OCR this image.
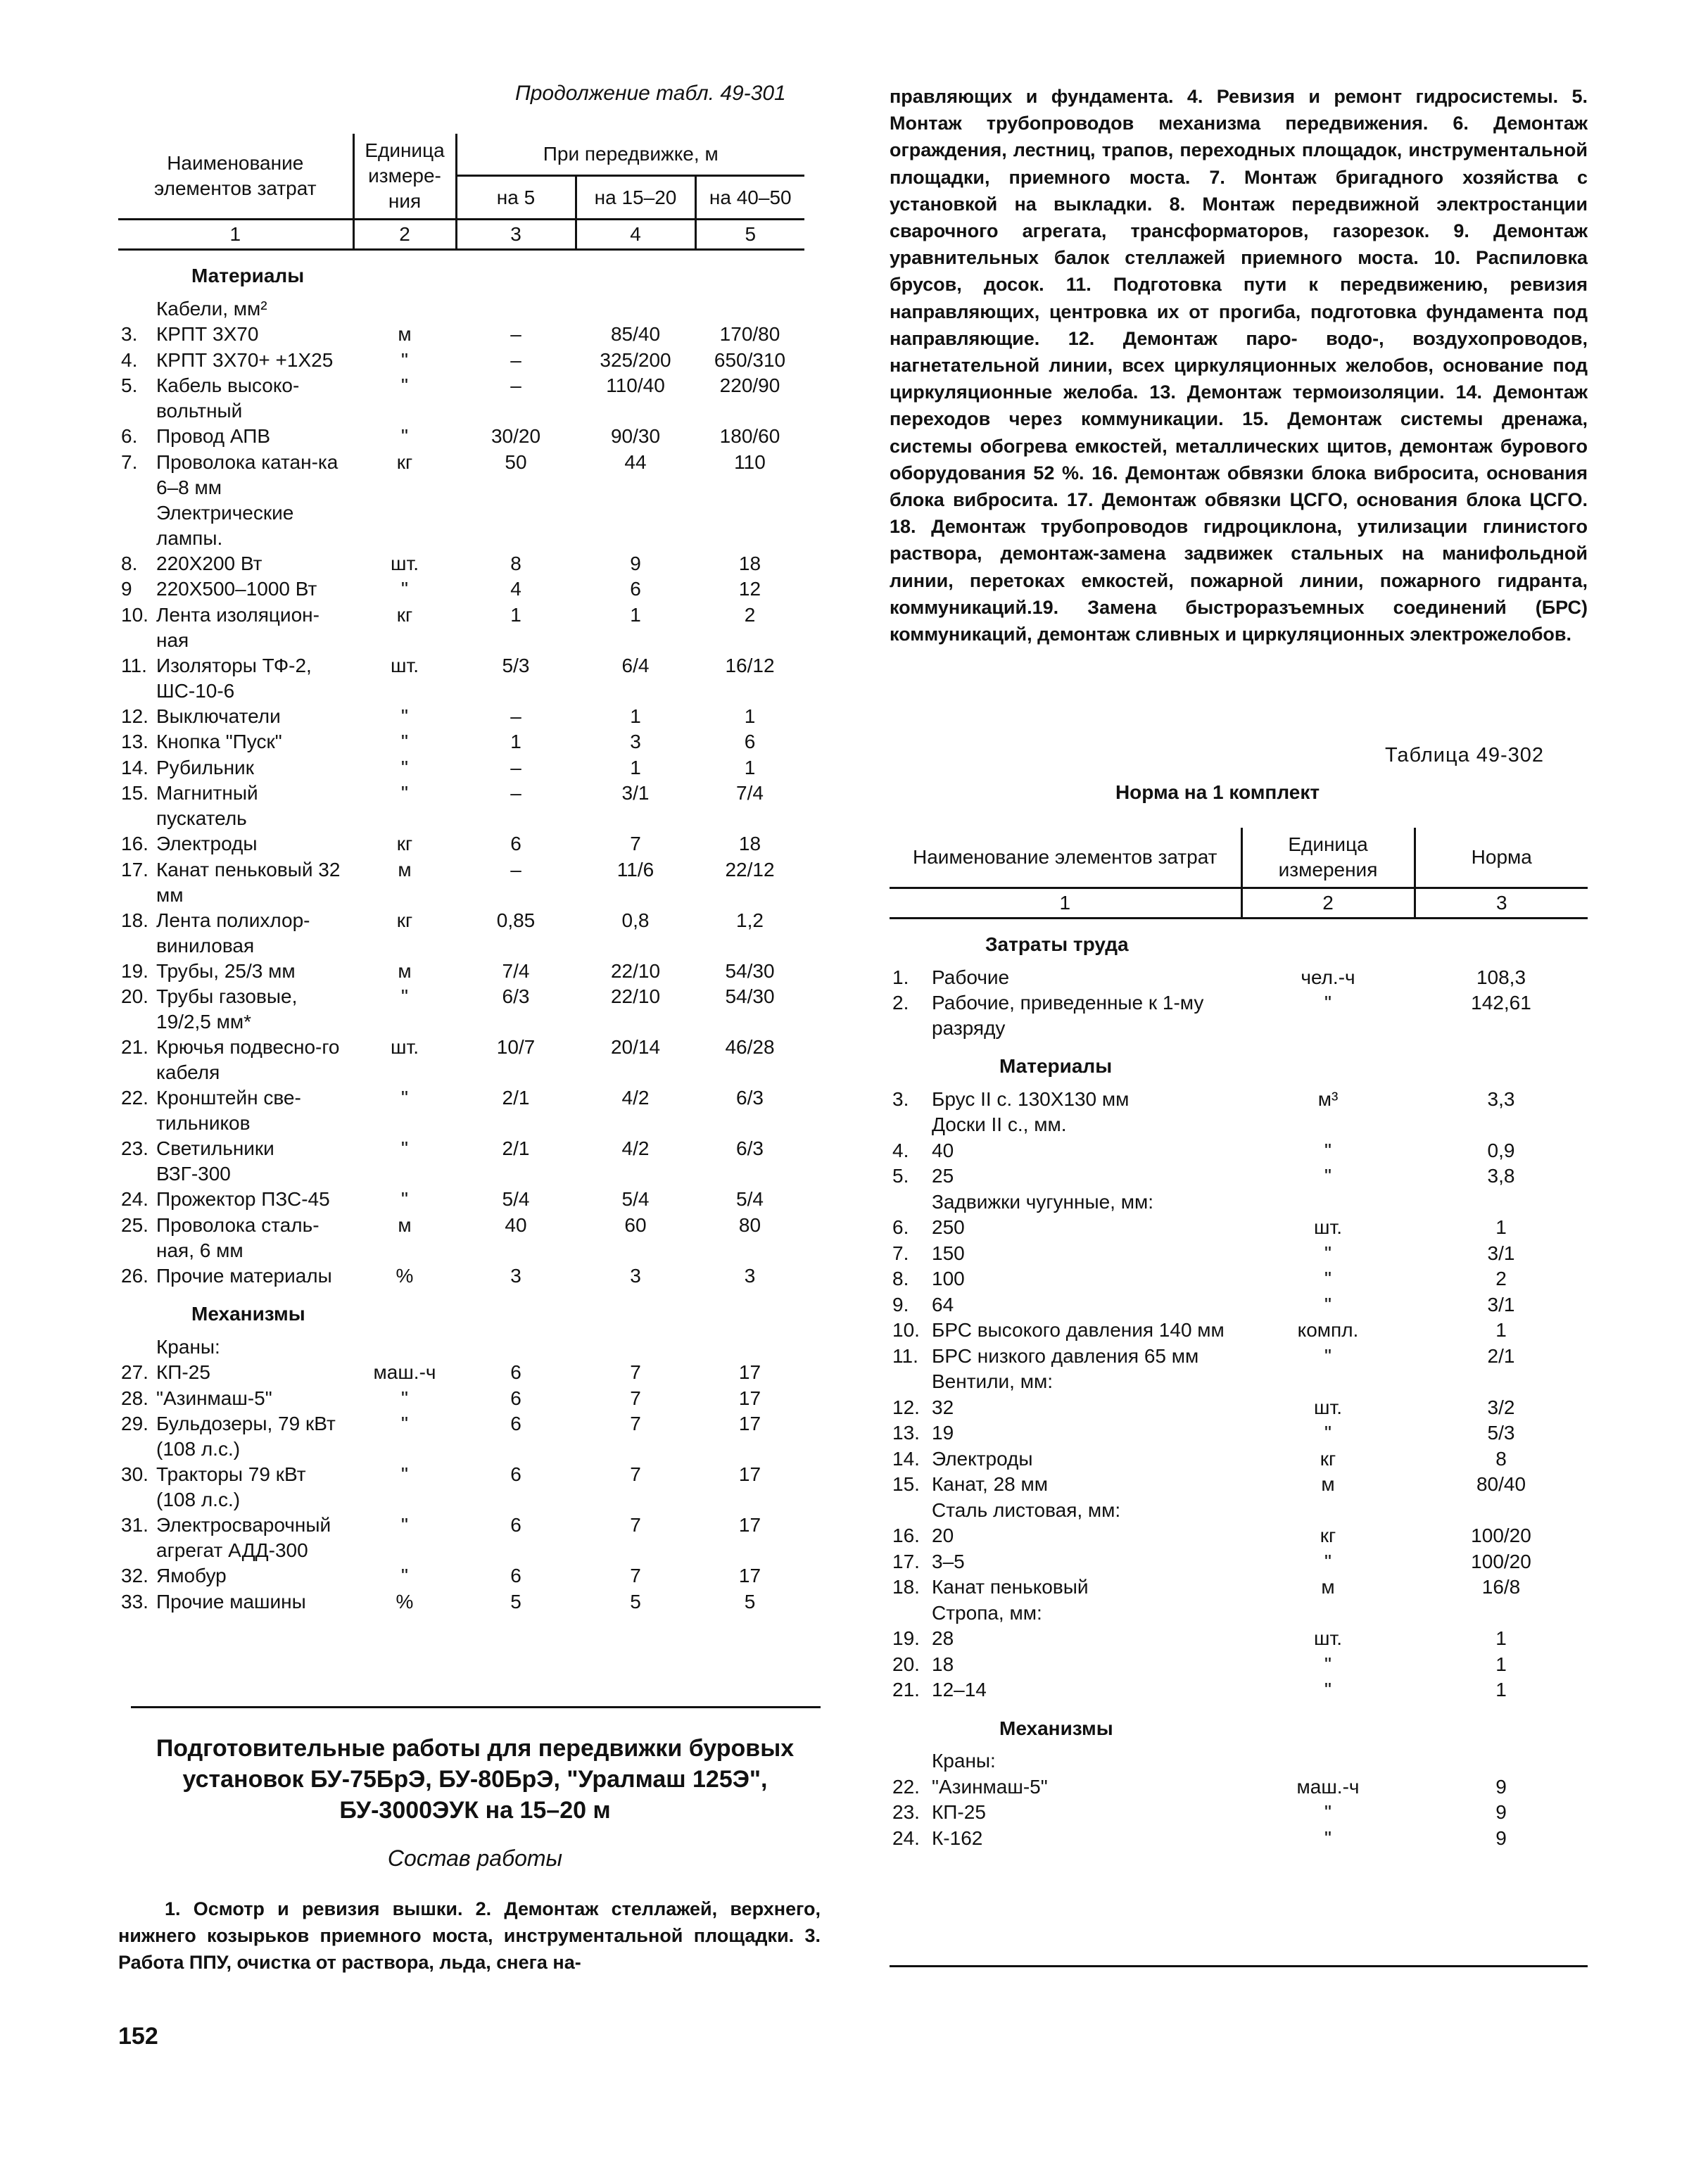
Продолжение табл. 49-301
Наименование элементов затрат		Единица измере-ния	При передвижке, м		
			на 5	на 15–20	на 40–50
1		2	3	4	5
	Материалы				
	Кабели, мм²				
3.	КРПТ 3Х70	м	–	85/40	170/80
4.	КРПТ 3Х70+ +1Х25	"	–	325/200	650/310
5.	Кабель высоко-вольтный	"	–	110/40	220/90
6.	Провод АПВ	"	30/20	90/30	180/60
7.	Проволока катан-ка 6–8 мм	кг	50	44	110
	Электрические лампы.				
8.	220Х200 Вт	шт.	8	9	18
9	220Х500–1000 Вт	"	4	6	12
10.	Лента изоляцион-ная	кг	1	1	2
11.	Изоляторы ТФ-2, ШС-10-6	шт.	5/3	6/4	16/12
12.	Выключатели	"	–	1	1
13.	Кнопка "Пуск"	"	1	3	6
14.	Рубильник	"	–	1	1
15.	Магнитный пускатель	"	–	3/1	7/4
16.	Электроды	кг	6	7	18
17.	Канат пеньковый 32 мм	м	–	11/6	22/12
18.	Лента полихлор-виниловая	кг	0,85	0,8	1,2
19.	Трубы, 25/3 мм	м	7/4	22/10	54/30
20.	Трубы газовые, 19/2,5 мм*	"	6/3	22/10	54/30
21.	Крючья подвесно-го кабеля	шт.	10/7	20/14	46/28
22.	Кронштейн све-тильников	"	2/1	4/2	6/3
23.	Светильники ВЗГ-300	"	2/1	4/2	6/3
24.	Прожектор ПЗС-45	"	5/4	5/4	5/4
25.	Проволока сталь-ная, 6 мм	м	40	60	80
26.	Прочие материалы	%	3	3	3
	Механизмы				
	Краны:				
27.	КП-25	маш.-ч	6	7	17
28.	"Азинмаш-5"	"	6	7	17
29.	Бульдозеры, 79 кВт (108 л.с.)	"	6	7	17
30.	Тракторы 79 кВт (108 л.с.)	"	6	7	17
31.	Электросварочный агрегат АДД-300	"	6	7	17
32.	Ямобур	"	6	7	17
33.	Прочие машины	%	5	5	5
Подготовительные работы для передвижки буровых установок БУ-75БрЭ, БУ-80БрЭ, "Уралмаш 125Э", БУ-3000ЭУК на 15–20 м
Состав работы
1. Осмотр и ревизия вышки. 2. Демонтаж стеллажей, верхнего, нижнего козырьков приемного моста, инструментальной площадки. 3. Работа ППУ, очистка от раствора, льда, снега на-
152
правляющих и фундамента. 4. Ревизия и ремонт гидросистемы. 5. Монтаж трубопроводов механизма передвижения. 6. Демонтаж ограждения, лестниц, трапов, переходных площадок, инструментальной площадки, приемного моста. 7. Монтаж бригадного хозяйства с установкой на выкладки. 8. Монтаж передвижной электростанции сварочного агрегата, трансформаторов, газорезок. 9. Демонтаж уравнительных балок стеллажей приемного моста. 10. Распиловка брусов, досок. 11. Подготовка пути к передвижению, ревизия направляющих, центровка их от прогиба, подготовка фундамента под направляющие. 12. Демонтаж паро- водо-, воздухопроводов, нагнетательной линии, всех циркуляционных желобов, основание под циркуляционные желоба. 13. Демонтаж термоизоляции. 14. Демонтаж переходов через коммуникации. 15. Демонтаж системы дренажа, системы обогрева емкостей, металлических щитов, демонтаж бурового оборудования 52 %. 16. Демонтаж обвязки блока вибросита, основания блока вибросита. 17. Демонтаж обвязки ЦСГО, основания блока ЦСГО. 18. Демонтаж трубопроводов гидроциклона, утилизации глинистого раствора, демонтаж-замена задвижек стальных на манифольдной линии, перетоках емкостей, пожарной линии, пожарного гидранта, коммуникаций.19. Замена быстроразъемных соединений (БРС) коммуникаций, демонтаж сливных и циркуляционных электрожелобов.
Таблица 49-302
Норма на 1 комплект
Наименование элементов затрат		Единица измерения	Норма
1		2	3
	Затраты труда		
1.	Рабочие	чел.-ч	108,3
2.	Рабочие, приведенные к 1-му разряду	"	142,61
	Материалы		
3.	Брус II с. 130Х130 мм	м³	3,3
	Доски II с., мм.		
4.	40	"	0,9
5.	25	"	3,8
	Задвижки чугунные, мм:		
6.	250	шт.	1
7.	150	"	3/1
8.	100	"	2
9.	64	"	3/1
10.	БРС высокого давления 140 мм	компл.	1
11.	БРС низкого давления 65 мм	"	2/1
	Вентили, мм:		
12.	32	шт.	3/2
13.	19	"	5/3
14.	Электроды	кг	8
15.	Канат, 28 мм	м	80/40
	Сталь листовая, мм:		
16.	20	кг	100/20
17.	3–5	"	100/20
18.	Канат пеньковый	м	16/8
	Стропа, мм:		
19.	28	шт.	1
20.	18	"	1
21.	12–14	"	1
	Механизмы		
	Краны:		
22.	"Азинмаш-5"	маш.-ч	9
23.	КП-25	"	9
24.	К-162	"	9
